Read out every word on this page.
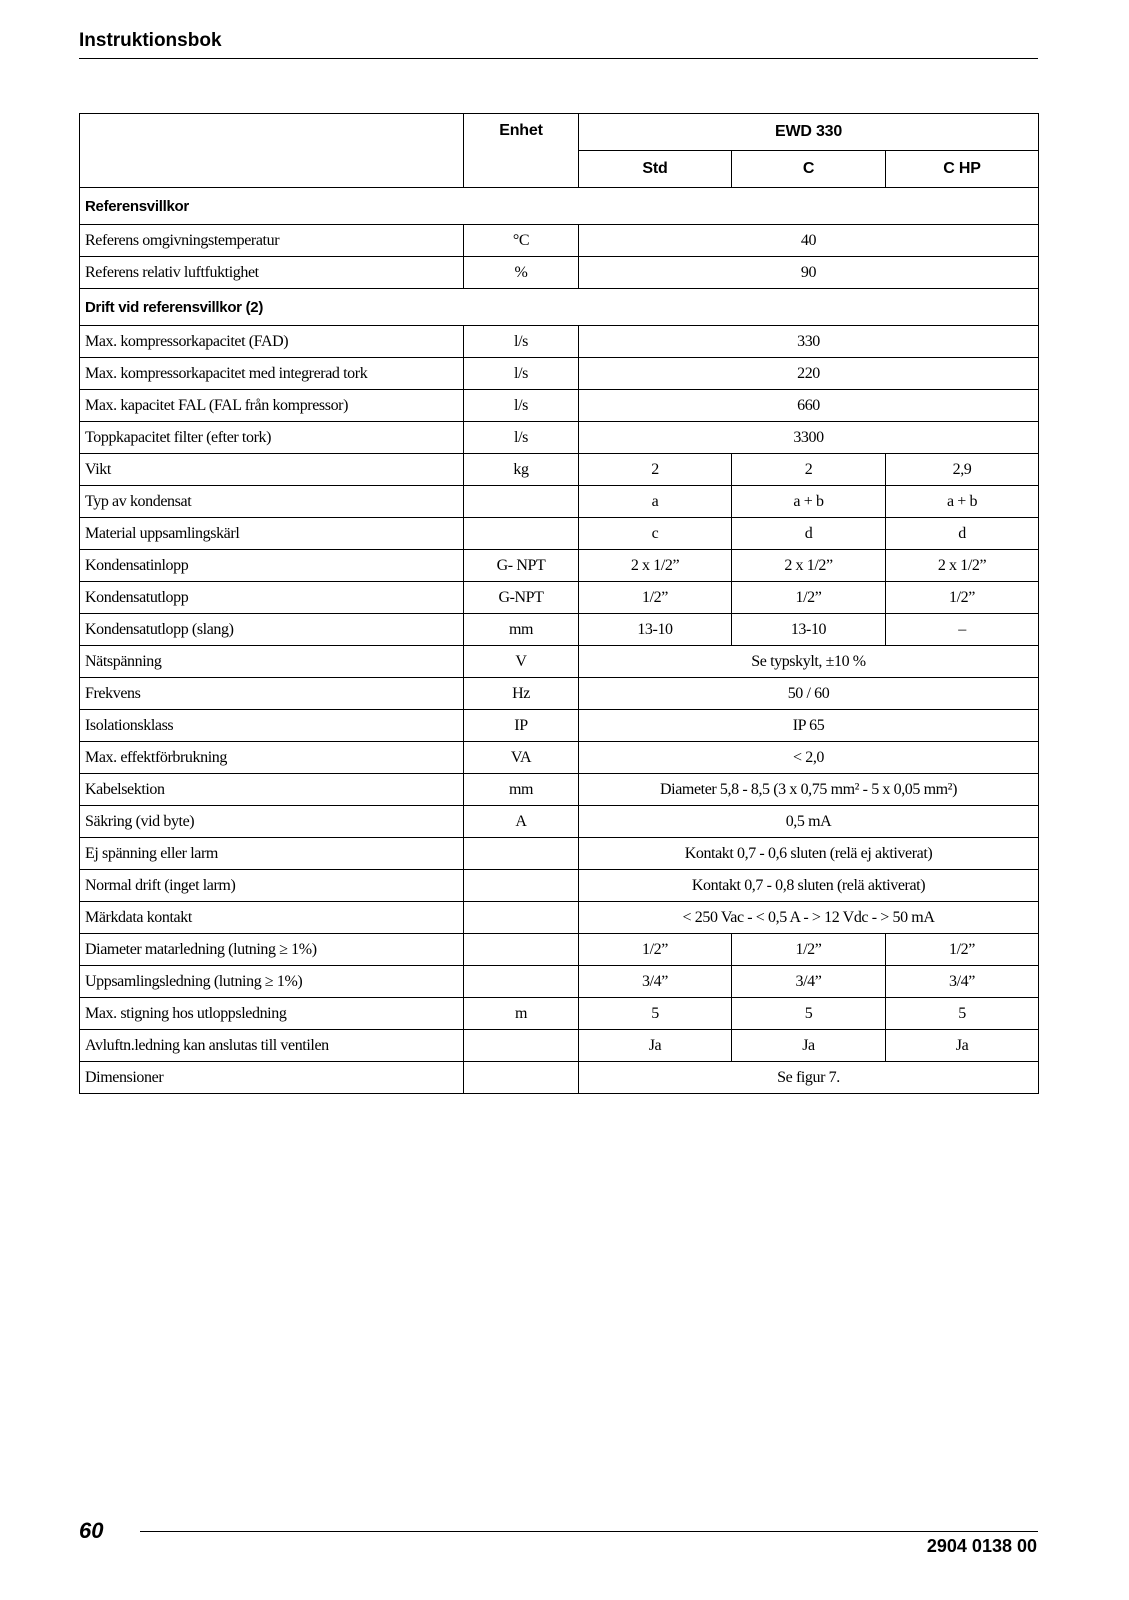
Instruktionsbok
	Enhet	EWD 330		
		Std	C	C HP
Referensvillkor				
Referens omgivningstemperatur	°C	40		
Referens relativ luftfuktighet	%	90		
Drift vid referensvillkor (2)				
Max. kompressorkapacitet (FAD)	l/s	330		
Max. kompressorkapacitet med integrerad tork	l/s	220		
Max. kapacitet FAL (FAL från kompressor)	l/s	660		
Toppkapacitet filter (efter tork)	l/s	3300		
Vikt	kg	2	2	2,9
Typ av kondensat		a	a + b	a + b
Material uppsamlingskärl		c	d	d
Kondensatinlopp	G- NPT	2 x 1/2”	2 x 1/2”	2 x 1/2”
Kondensatutlopp	G-NPT	1/2”	1/2”	1/2”
Kondensatutlopp (slang)	mm	13-10	13-10	–
Nätspänning	V	Se typskylt, ±10 %		
Frekvens	Hz	50 / 60		
Isolationsklass	IP	IP 65		
Max. effektförbrukning	VA	< 2,0		
Kabelsektion	mm	Diameter 5,8 - 8,5 (3 x 0,75 mm² - 5 x 0,05 mm²)		
Säkring (vid byte)	A	0,5 mA		
Ej spänning eller larm		Kontakt 0,7 - 0,6 sluten (relä ej aktiverat)		
Normal drift (inget larm)		Kontakt 0,7 - 0,8 sluten (relä aktiverat)		
Märkdata kontakt		< 250 Vac - < 0,5 A - > 12 Vdc - > 50 mA		
Diameter matarledning (lutning ≥ 1%)		1/2”	1/2”	1/2”
Uppsamlingsledning (lutning ≥ 1%)		3/4”	3/4”	3/4”
Max. stigning hos utloppsledning	m	5	5	5
Avluftn.ledning kan anslutas till ventilen		Ja	Ja	Ja
Dimensioner		Se figur 7.		
60
2904 0138 00
